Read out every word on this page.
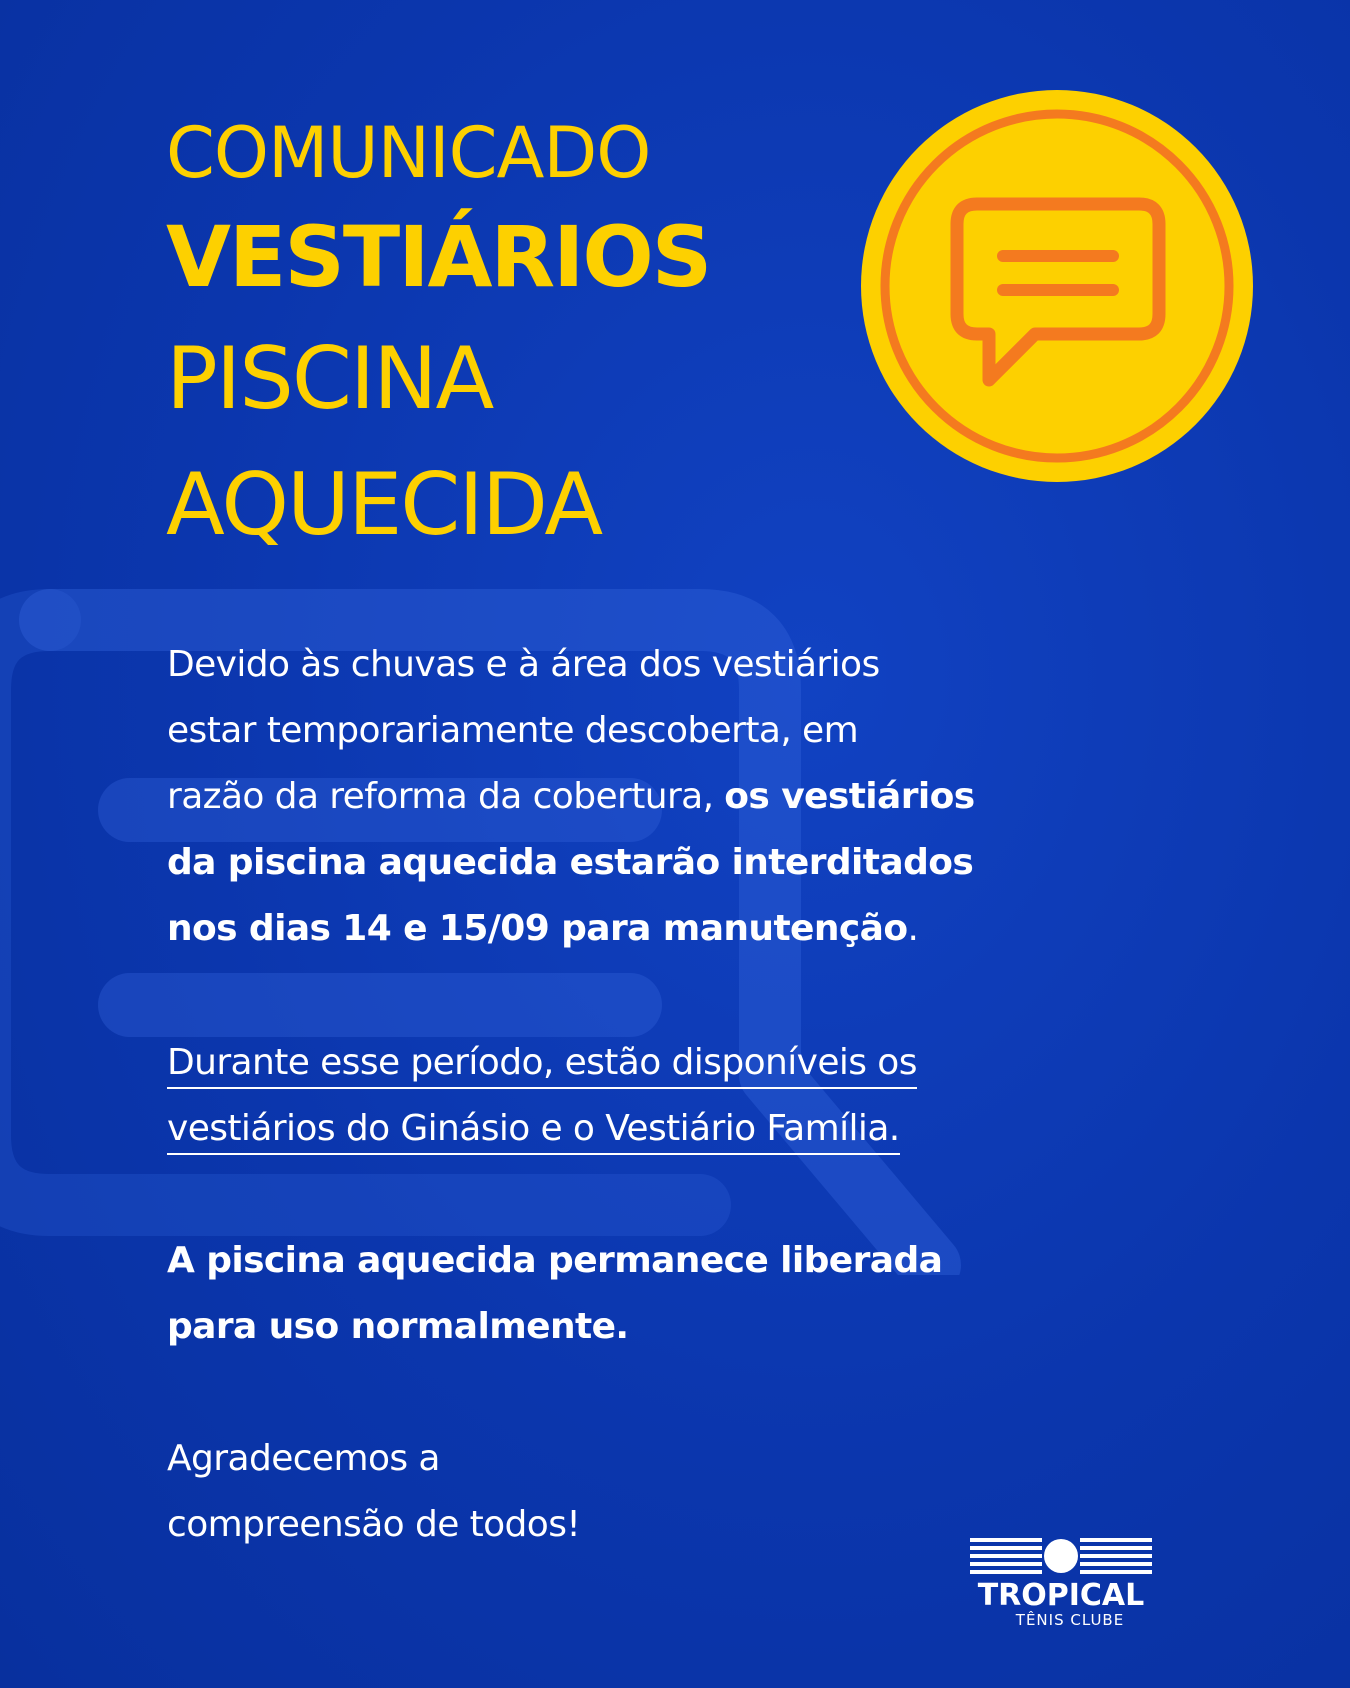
COMUNICADO
VESTIÁRIOS
PISCINA
AQUECIDA
Devido às chuvas e à área dos vestiários
estar temporariamente descoberta, em
razão da reforma da cobertura, os vestiários
da piscina aquecida estarão interditados
nos dias 14 e 15/09 para manutenção.
Durante esse período, estão disponíveis os
vestiários do Ginásio e o Vestiário Família.
A piscina aquecida permanece liberada
para uso normalmente.
Agradecemos a
compreensão de todos!
TROPICAL
TÊNIS CLUBE
